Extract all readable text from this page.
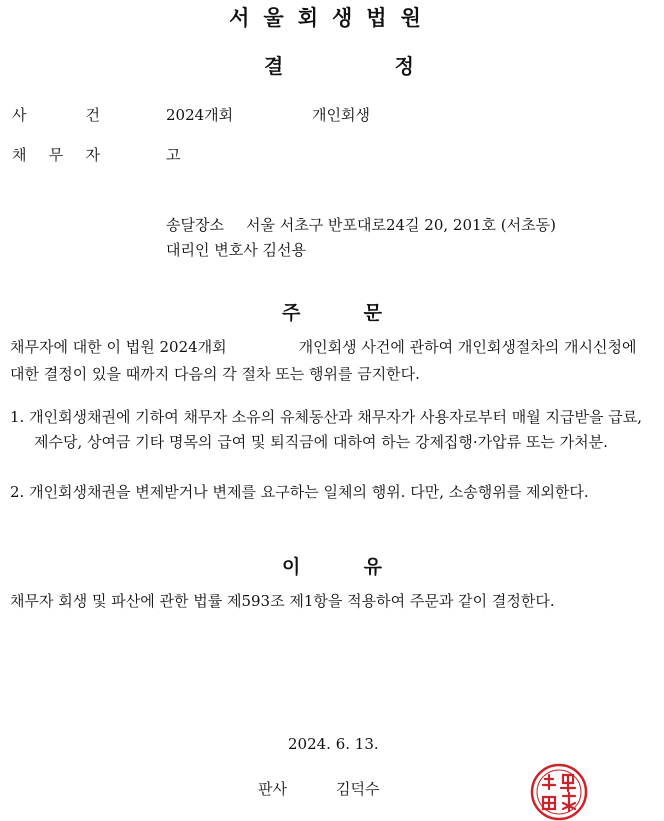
서울회생법원
결	정
사	건	2024개회	개인회생
채 무 자	고
송달장소 서울 서초구 반포대로24길 20, 201호 (서초동)
대리인 변호사 김선용
주	문
채무자에 대한 이 법원 2024개회	개인회생 사건에 관하여 개인회생절차의 개시신청에 대한 결정이 있을 때까지 다음의 각 절차 또는 행위를 금지한다.
1. 개인회생채권에 기하여 채무자 소유의 유체동산과 채무자가 사용자로부터 매월 지급받을 급료, 제수당, 상여금 기타 명목의 급여 및 퇴직금에 대하여 하는 강제집행·가압류 또는 가처분.
2. 개인회생채권을 변제받거나 변제를 요구하는 일체의 행위. 다만, 소송행위를 제외한다.
이	유
채무자 회생 및 파산에 관한 법률 제593조 제1항을 적용하여 주문과 같이 결정한다.
2024. 6. 13.
판사	김덕수
